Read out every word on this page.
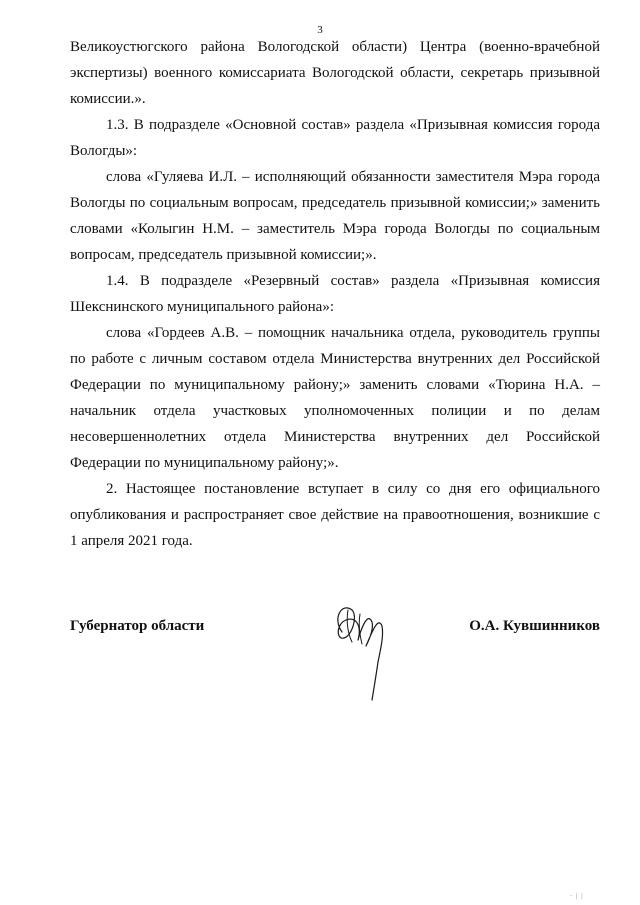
3

Великоустюгского района Вологодской области) Центра (военно-врачебной экспертизы) военного комиссариата Вологодской области, секретарь призывной комиссии.».

1.3. В подразделе «Основной состав» раздела «Призывная комиссия города Вологды»:

слова «Гуляева И.Л. – исполняющий обязанности заместителя Мэра города Вологды по социальным вопросам, председатель призывной комиссии;» заменить словами «Колыгин Н.М. – заместитель Мэра города Вологды по социальным вопросам, председатель призывной комиссии;».

1.4. В подразделе «Резервный состав» раздела «Призывная комиссия Шекснинского муниципального района»:

слова «Гордеев А.В. – помощник начальника отдела, руководитель группы по работе с личным составом отдела Министерства внутренних дел Российской Федерации по муниципальному району;» заменить словами «Тюрина Н.А. – начальник отдела участковых уполномоченных полиции и по делам несовершеннолетних отдела Министерства внутренних дел Российской Федерации по муниципальному району;».

2. Настоящее постановление вступает в силу со дня его официального опубликования и распространяет свое действие на правоотношения, возникшие с 1 апреля 2021 года.

Губернатор области	О.А. Кувшинников
· | |
